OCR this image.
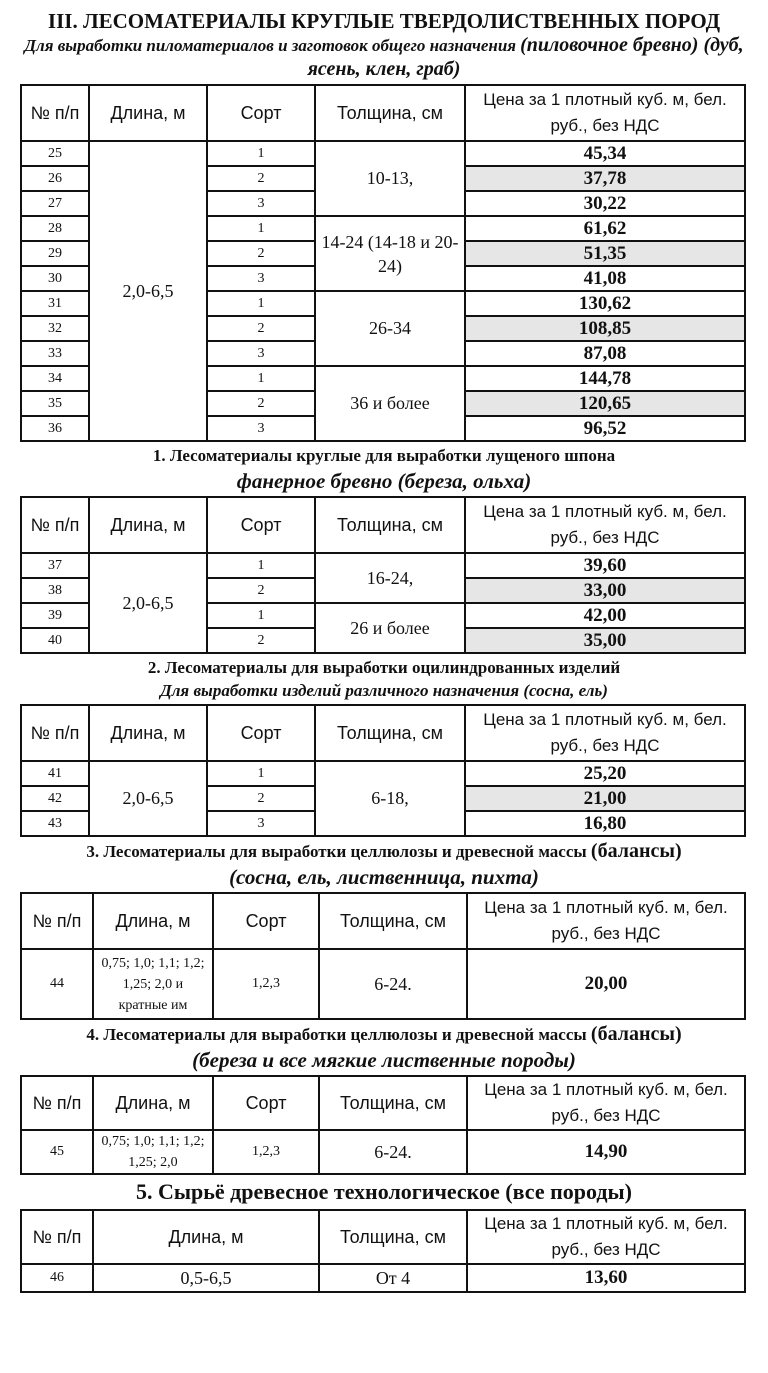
III. ЛЕСОМАТЕРИАЛЫ КРУГЛЫЕ ТВЕРДОЛИСТВЕННЫХ ПОРОД

Для выработки пиломатериалов и заготовок общего назначения (пиловочное бревно) (дуб, ясень, клен, граб)

№ п/п	Длина, м	Сорт	Толщина, см	Цена за 1 плотный куб. м, бел. руб., без НДС
25	2,0-6,5	1	10-13,	45,34
26		2		37,78
27		3		30,22
28		1	14-24 (14-18 и 20-24)	61,62
29		2		51,35
30		3		41,08
31		1	26-34	130,62
32		2		108,85
33		3		87,08
34		1	36 и более	144,78
35		2		120,65
36		3		96,52

1. Лесоматериалы круглые для выработки лущеного шпона

фанерное бревно (береза, ольха)

№ п/п	Длина, м	Сорт	Толщина, см	Цена за 1 плотный куб. м, бел. руб., без НДС
37	2,0-6,5	1	16-24,	39,60
38		2		33,00
39		1	26 и более	42,00
40		2		35,00

2. Лесоматериалы для выработки оцилиндрованных изделий

Для выработки изделий различного назначения (сосна, ель)

№ п/п	Длина, м	Сорт	Толщина, см	Цена за 1 плотный куб. м, бел. руб., без НДС
41	2,0-6,5	1	6-18,	25,20
42		2		21,00
43		3		16,80

3. Лесоматериалы для выработки целлюлозы и древесной массы (балансы)

(сосна, ель, лиственница, пихта)

№ п/п	Длина, м	Сорт	Толщина, см	Цена за 1 плотный куб. м, бел. руб., без НДС
44	0,75; 1,0; 1,1; 1,2; 1,25; 2,0 и кратные им	1,2,3	6-24.	20,00

4. Лесоматериалы для выработки целлюлозы и древесной массы (балансы)

(береза и все мягкие лиственные породы)

№ п/п	Длина, м	Сорт	Толщина, см	Цена за 1 плотный куб. м, бел. руб., без НДС
45	0,75; 1,0; 1,1; 1,2; 1,25; 2,0	1,2,3	6-24.	14,90

5. Сырьё древесное технологическое (все породы)

№ п/п	Длина, м	Толщина, см	Цена за 1 плотный куб. м, бел. руб., без НДС
46	0,5-6,5	От 4	13,60
